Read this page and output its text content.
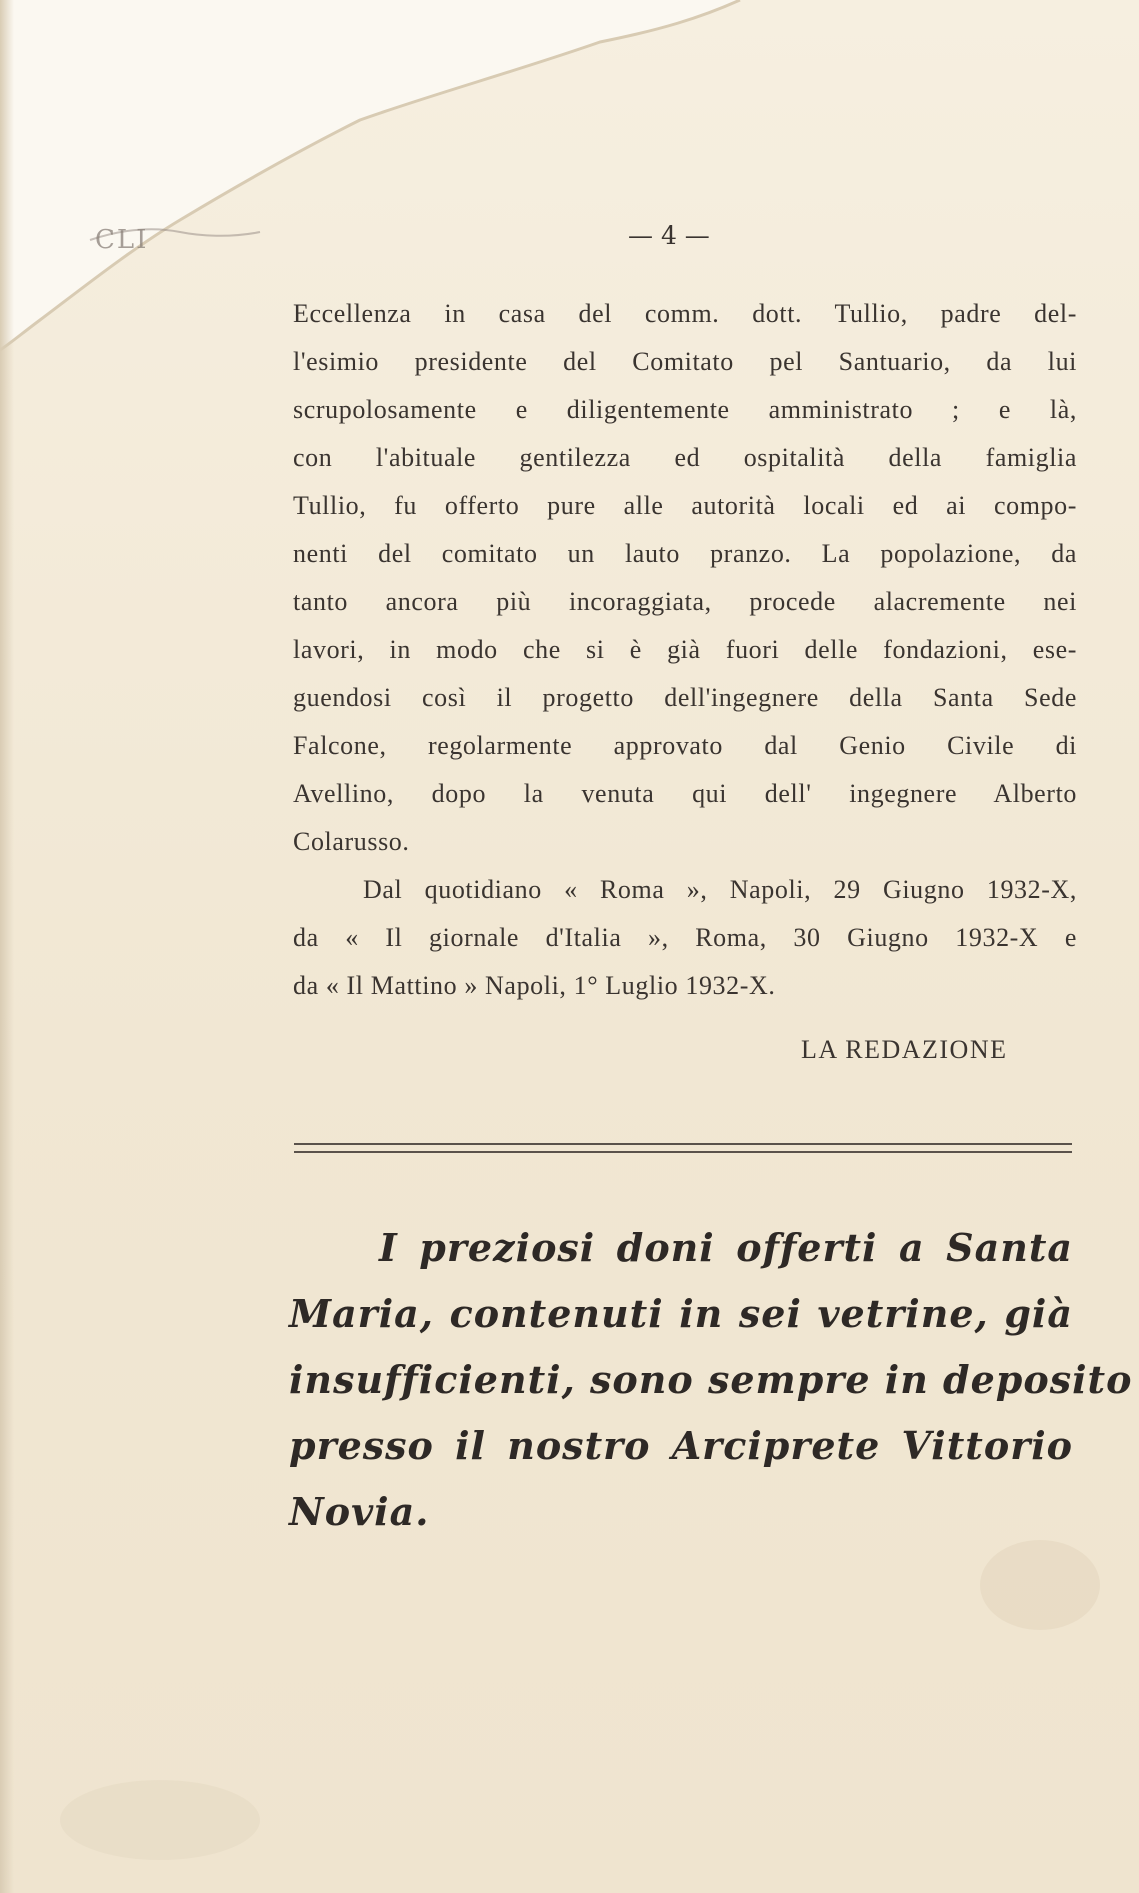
CLI	— 4 —
Eccellenza in casa del comm. dott. Tullio, padre del-
l'esimio presidente del Comitato pel Santuario, da lui
scrupolosamente e diligentemente amministrato ; e là,
con l'abituale gentilezza ed ospitalità della famiglia
Tullio, fu offerto pure alle autorità locali ed ai compo-
nenti del comitato un lauto pranzo. La popolazione, da
tanto ancora più incoraggiata, procede alacremente nei
lavori, in modo che si è già fuori delle fondazioni, ese-
guendosi così il progetto dell'ingegnere della Santa Sede
Falcone, regolarmente approvato dal Genio Civile di
Avellino, dopo la venuta qui dell' ingegnere Alberto
Colarusso.
Dal quotidiano « Roma », Napoli, 29 Giugno 1932-X,
da « Il giornale d'Italia », Roma, 30 Giugno 1932-X e
da « Il Mattino » Napoli, 1° Luglio 1932-X.
LA REDAZIONE
I preziosi doni offerti a Santa
Maria, contenuti in sei vetrine, già
insufficienti, sono sempre in deposito
presso il nostro Arciprete Vittorio
Novia.
